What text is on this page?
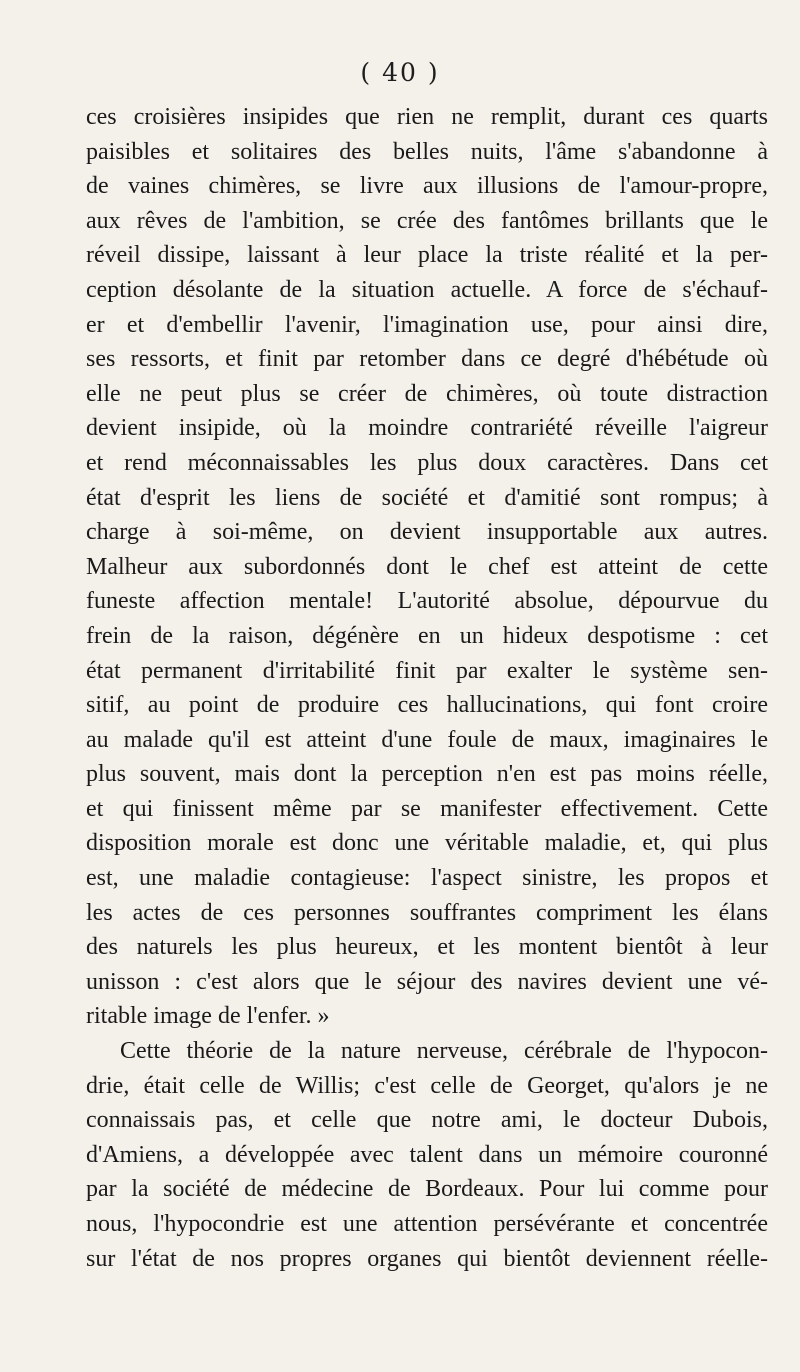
( 40 )
ces croisières insipides que rien ne remplit, durant ces quarts
paisibles et solitaires des belles nuits, l'âme s'abandonne à
de vaines chimères, se livre aux illusions de l'amour-propre,
aux rêves de l'ambition, se crée des fantômes brillants que le
réveil dissipe, laissant à leur place la triste réalité et la per-
ception désolante de la situation actuelle. A force de s'échauf-
er et d'embellir l'avenir, l'imagination use, pour ainsi dire,
ses ressorts, et finit par retomber dans ce degré d'hébétude où
elle ne peut plus se créer de chimères, où toute distraction
devient insipide, où la moindre contrariété réveille l'aigreur
et rend méconnaissables les plus doux caractères. Dans cet
état d'esprit les liens de société et d'amitié sont rompus; à
charge à soi-même, on devient insupportable aux autres.
Malheur aux subordonnés dont le chef est atteint de cette
funeste affection mentale! L'autorité absolue, dépourvue du
frein de la raison, dégénère en un hideux despotisme : cet
état permanent d'irritabilité finit par exalter le système sen-
sitif, au point de produire ces hallucinations, qui font croire
au malade qu'il est atteint d'une foule de maux, imaginaires le
plus souvent, mais dont la perception n'en est pas moins réelle,
et qui finissent même par se manifester effectivement. Cette
disposition morale est donc une véritable maladie, et, qui plus
est, une maladie contagieuse: l'aspect sinistre, les propos et
les actes de ces personnes souffrantes compriment les élans
des naturels les plus heureux, et les montent bientôt à leur
unisson : c'est alors que le séjour des navires devient une vé-
ritable image de l'enfer. »
Cette théorie de la nature nerveuse, cérébrale de l'hypocon-
drie, était celle de Willis; c'est celle de Georget, qu'alors je ne
connaissais pas, et celle que notre ami, le docteur Dubois,
d'Amiens, a développée avec talent dans un mémoire couronné
par la société de médecine de Bordeaux. Pour lui comme pour
nous, l'hypocondrie est une attention persévérante et concentrée
sur l'état de nos propres organes qui bientôt deviennent réelle-
